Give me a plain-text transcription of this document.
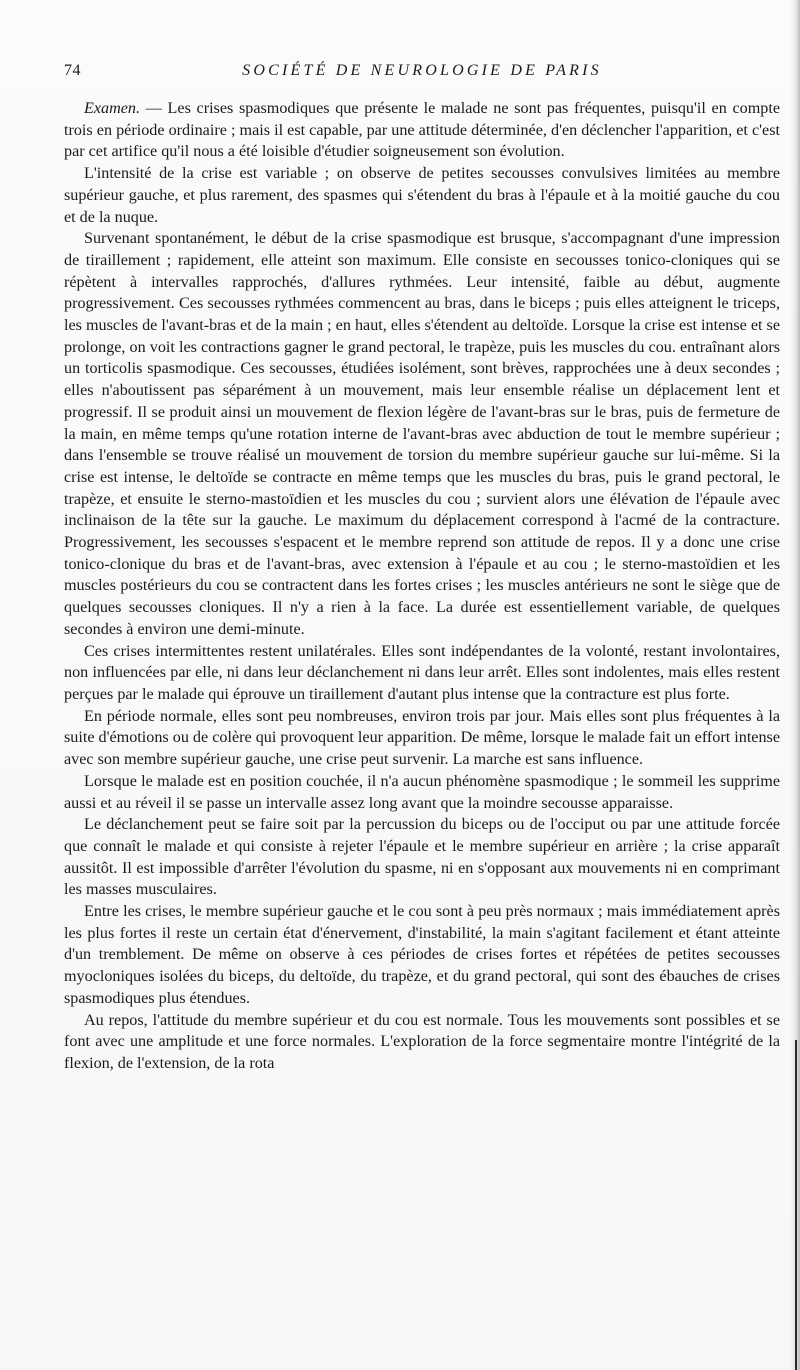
74	SOCIÉTÉ DE NEUROLOGIE DE PARIS

Examen. — Les crises spasmodiques que présente le malade ne sont pas fréquentes, puisqu'il en compte trois en période ordinaire ; mais il est capable, par une attitude déterminée, d'en déclencher l'apparition, et c'est par cet artifice qu'il nous a été loisible d'étudier soigneusement son évolution.

L'intensité de la crise est variable ; on observe de petites secousses convulsives limitées au membre supérieur gauche, et plus rarement, des spasmes qui s'étendent du bras à l'épaule et à la moitié gauche du cou et de la nuque.

Survenant spontanément, le début de la crise spasmodique est brusque, s'accompagnant d'une impression de tiraillement ; rapidement, elle atteint son maximum. Elle consiste en secousses tonico-cloniques qui se répètent à intervalles rapprochés, d'allures rythmées. Leur intensité, faible au début, augmente progressivement. Ces secousses rythmées commencent au bras, dans le biceps ; puis elles atteignent le triceps, les muscles de l'avant-bras et de la main ; en haut, elles s'étendent au deltoïde. Lorsque la crise est intense et se prolonge, on voit les contractions gagner le grand pectoral, le trapèze, puis les muscles du cou. entraînant alors un torticolis spasmodique. Ces secousses, étudiées isolément, sont brèves, rapprochées une à deux secondes ; elles n'aboutissent pas séparément à un mouvement, mais leur ensemble réalise un déplacement lent et progressif. Il se produit ainsi un mouvement de flexion légère de l'avant-bras sur le bras, puis de fermeture de la main, en même temps qu'une rotation interne de l'avant-bras avec abduction de tout le membre supérieur ; dans l'ensemble se trouve réalisé un mouvement de torsion du membre supérieur gauche sur lui-même. Si la crise est intense, le deltoïde se contracte en même temps que les muscles du bras, puis le grand pectoral, le trapèze, et ensuite le sterno-mastoïdien et les muscles du cou ; survient alors une élévation de l'épaule avec inclinaison de la tête sur la gauche. Le maximum du déplacement correspond à l'acmé de la contracture. Progressivement, les secousses s'espacent et le membre reprend son attitude de repos. Il y a donc une crise tonico-clonique du bras et de l'avant-bras, avec extension à l'épaule et au cou ; le sterno-mastoïdien et les muscles postérieurs du cou se contractent dans les fortes crises ; les muscles antérieurs ne sont le siège que de quelques secousses cloniques. Il n'y a rien à la face. La durée est essentiellement variable, de quelques secondes à environ une demi-minute.

Ces crises intermittentes restent unilatérales. Elles sont indépendantes de la volonté, restant involontaires, non influencées par elle, ni dans leur déclanchement ni dans leur arrêt. Elles sont indolentes, mais elles restent perçues par le malade qui éprouve un tiraillement d'autant plus intense que la contracture est plus forte.

En période normale, elles sont peu nombreuses, environ trois par jour. Mais elles sont plus fréquentes à la suite d'émotions ou de colère qui provoquent leur apparition. De même, lorsque le malade fait un effort intense avec son membre supérieur gauche, une crise peut survenir. La marche est sans influence.

Lorsque le malade est en position couchée, il n'a aucun phénomène spasmodique ; le sommeil les supprime aussi et au réveil il se passe un intervalle assez long avant que la moindre secousse apparaisse.

Le déclanchement peut se faire soit par la percussion du biceps ou de l'occiput ou par une attitude forcée que connaît le malade et qui consiste à rejeter l'épaule et le membre supérieur en arrière ; la crise apparaît aussitôt. Il est impossible d'arrêter l'évolution du spasme, ni en s'opposant aux mouvements ni en comprimant les masses musculaires.

Entre les crises, le membre supérieur gauche et le cou sont à peu près normaux ; mais immédiatement après les plus fortes il reste un certain état d'énervement, d'instabilité, la main s'agitant facilement et étant atteinte d'un tremblement. De même on observe à ces périodes de crises fortes et répétées de petites secousses myocloniques isolées du biceps, du deltoïde, du trapèze, et du grand pectoral, qui sont des ébauches de crises spasmodiques plus étendues.

Au repos, l'attitude du membre supérieur et du cou est normale. Tous les mouvements sont possibles et se font avec une amplitude et une force normales. L'exploration de la force segmentaire montre l'intégrité de la flexion, de l'extension, de la rota
